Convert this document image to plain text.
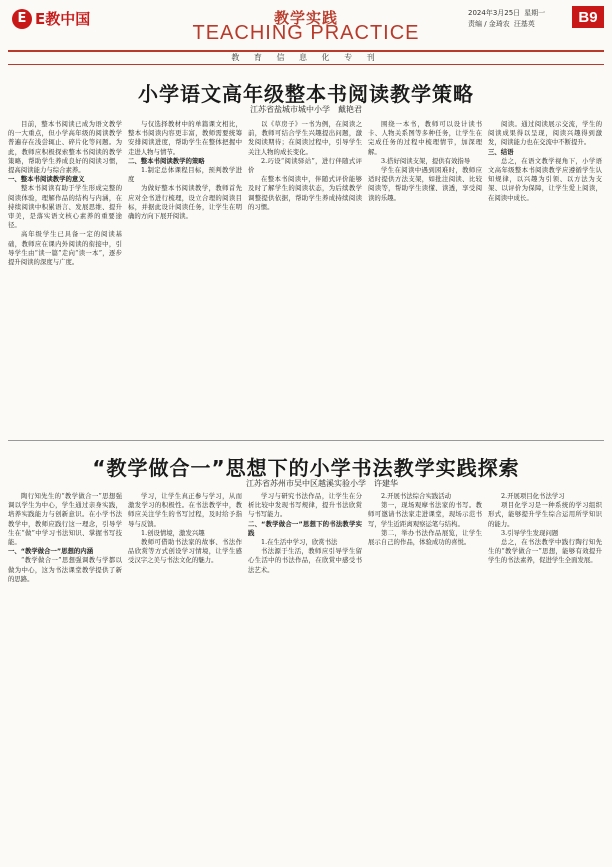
E E教中国	教学实践
TEACHING PRACTICE
2024年3月25日 星期一
责编 / 金琦农 汪基英	B9
教 育 信 息 化 专 刊
小学语文高年级整本书阅读教学策略
江苏省盐城市城中小学　戴艳君

目前，整本书阅读已成为语文教学的一大重点，但小学高年级的阅读教学普遍存在浅尝辄止、碎片化等问题。为此，教师应积极探索整本书阅读的教学策略，帮助学生养成良好的阅读习惯，提高阅读能力与综合素养。

一、整本书阅读教学的意义

整本书阅读有助于学生形成完整的阅读体验，理解作品的结构与内涵，在持续阅读中积累语言、发展思维、提升审美，是落实语文核心素养的重要途径。

高年级学生已具备一定的阅读基础，教师应在课内外阅读的衔接中，引导学生由“读一篇”走向“读一本”，逐步提升阅读的深度与广度。

与仅选择教材中的单篇课文相比，整本书阅读内容更丰富，教师需要统筹安排阅读进度，帮助学生在整体把握中走进人物与情节。

二、整本书阅读教学的策略

1.制定总体课程目标，预判教学进度

为做好整本书阅读教学，教师首先应对全书进行梳理，设立合理的阅读目标，并据此设计阅读任务，让学生在明确的方向下展开阅读。

以《草房子》一书为例，在阅读之前，教师可结合学生兴趣提出问题，激发阅读期待；在阅读过程中，引导学生关注人物的成长变化。

2.巧设“阅读驿站”，进行伴随式评价

在整本书阅读中，伴随式评价能够及时了解学生的阅读状态，为后续教学调整提供依据，帮助学生养成持续阅读的习惯。

围绕一本书，教师可以设计读书卡、人物关系图等多种任务，让学生在完成任务的过程中梳理情节，加深理解。

3.搭好阅读支架，提供有效指导

学生在阅读中遇到困难时，教师应适时提供方法支架，如批注阅读、比较阅读等，帮助学生读懂、读透，享受阅读的乐趣。

阅读。通过阅读展示交流，学生的阅读成果得以呈现，阅读兴趣得到激发，阅读能力也在交流中不断提升。

三、结语

总之，在语文教学视角下，小学语文高年级整本书阅读教学应遵循学生认知规律，以兴趣为引领、以方法为支架、以评价为保障，让学生爱上阅读，在阅读中成长。

“教学做合一”思想下的小学书法教学实践探索
江苏省苏州市吴中区越溪实验小学　许建华

陶行知先生的“教学做合一”思想强调以学生为中心，学生通过亲身实践，培养实践能力与创新意识。在小学书法教学中，教师应践行这一理念，引导学生在“做”中学习书法知识、掌握书写技能。

一、“教学做合一”思想的内涵

“教学做合一”思想强调教与学都以做为中心，这为书法课堂教学提供了新的思路。

学习，让学生真正参与学习，从而激发学习的积极性。在书法教学中，教师应关注学生的书写过程，及时给予指导与反馈。

1.创设情境，激发兴趣

教师可借助书法家的故事、书法作品欣赏等方式创设学习情境，让学生感受汉字之美与书法文化的魅力。

学习与研究书法作品，让学生在分析比较中发现书写规律，提升书法欣赏与书写能力。

二、“教学做合一”思想下的书法教学实践

1.在生活中学习，欣赏书法

书法源于生活，教师应引导学生留心生活中的书法作品，在欣赏中感受书法艺术。

2.开展书法综合实践活动

第一，现场观摩书法家的书写。教师可邀请书法家走进课堂，现场示范书写，学生近距离观察运笔与结构。

第二，举办书法作品展览，让学生展示自己的作品，体验成功的喜悦。

2.开展项目化书法学习

项目化学习是一种系统的学习组织形式，能够提升学生综合运用所学知识的能力。

3.引导学生发现问题

总之，在书法教学中践行陶行知先生的“教学做合一”思想，能够有效提升学生的书法素养，促进学生全面发展。
